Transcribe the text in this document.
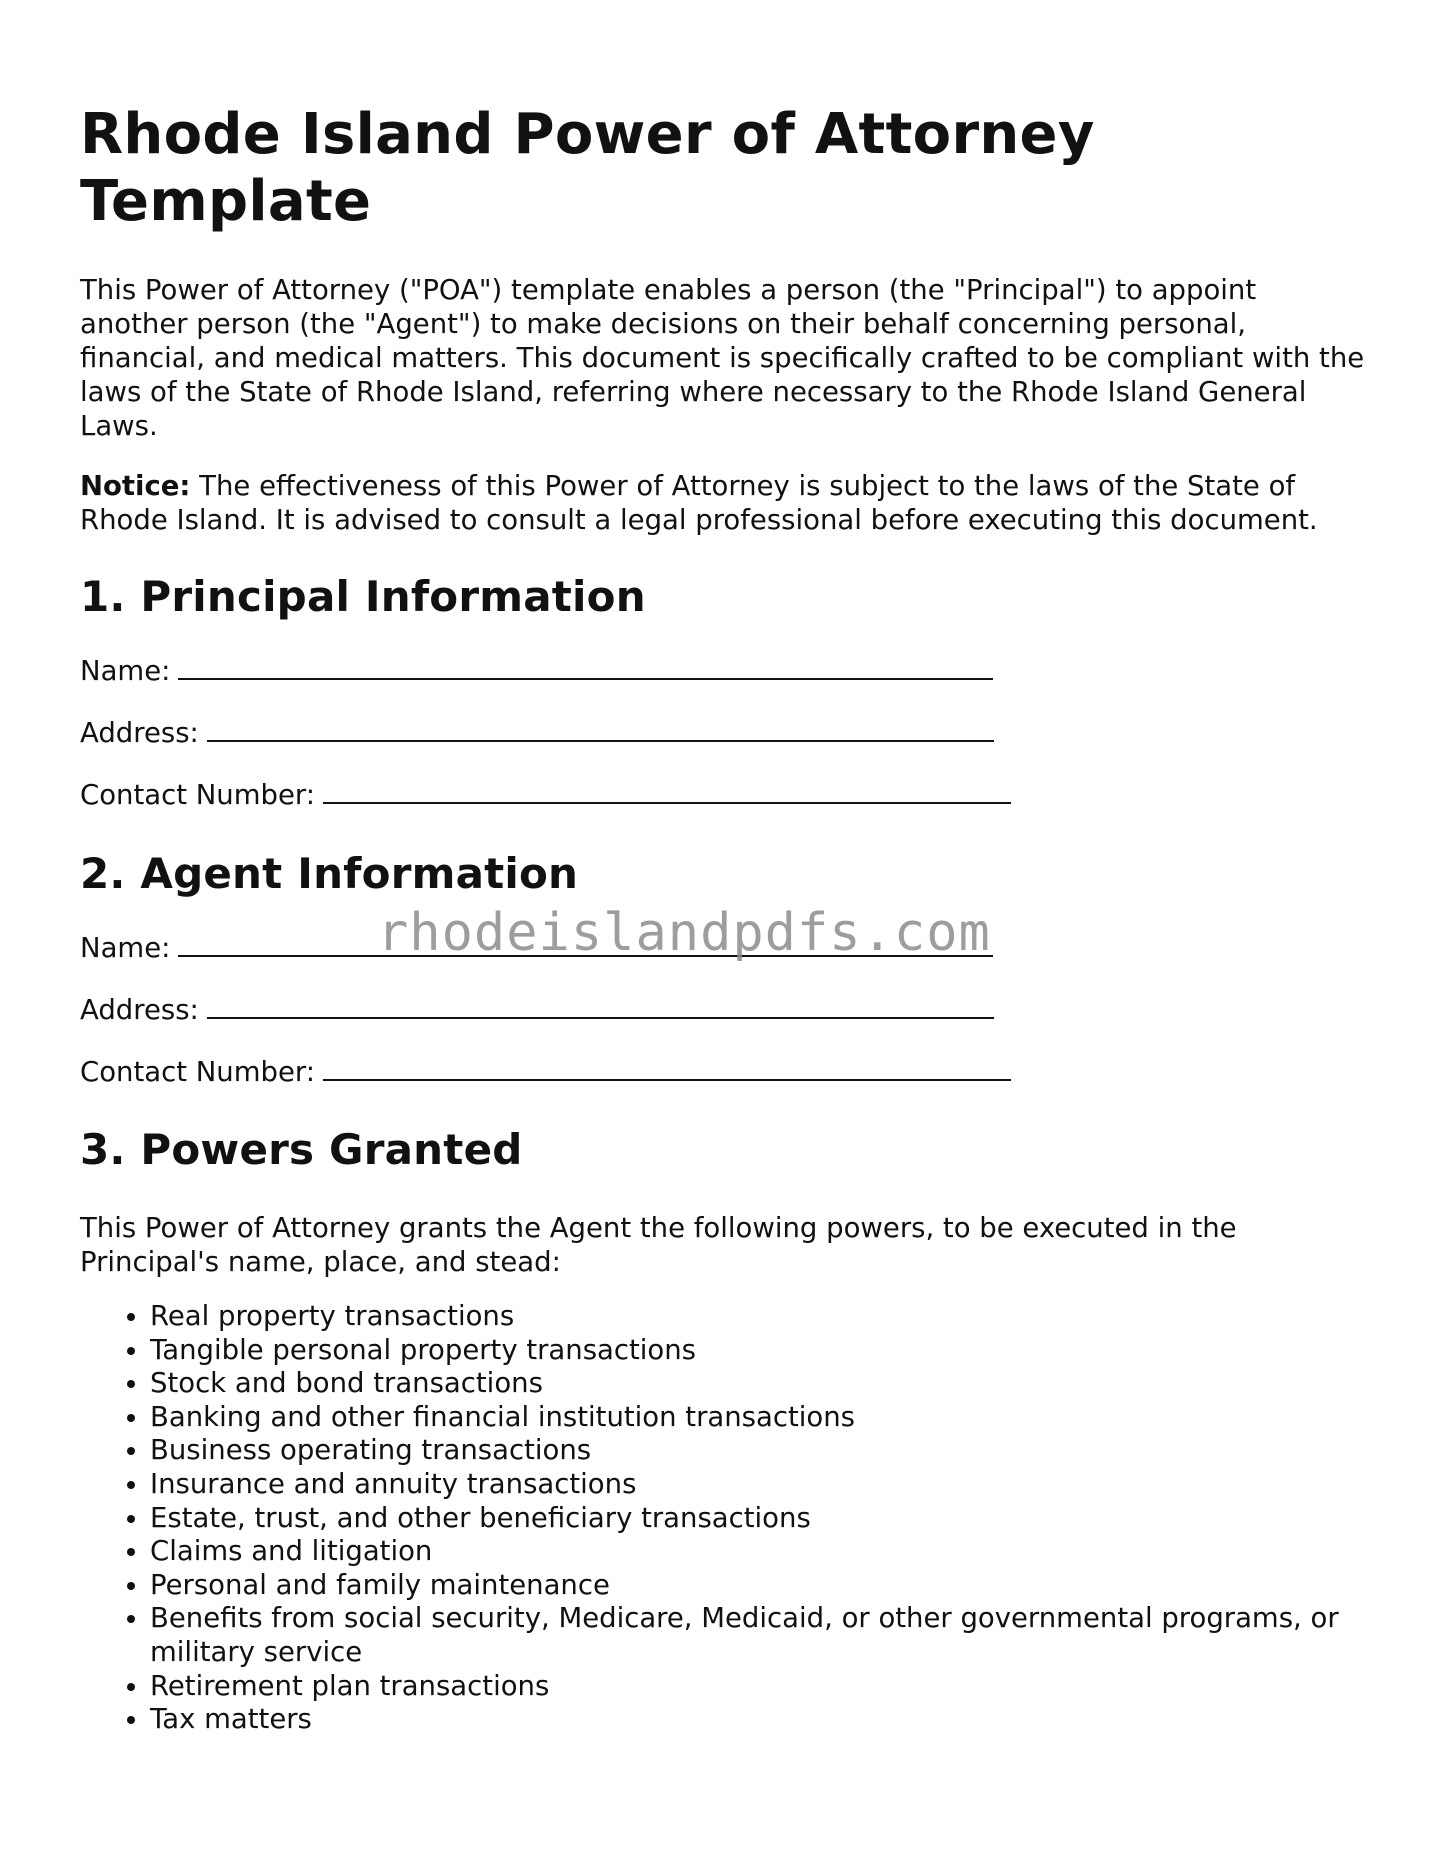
Rhode Island Power of Attorney Template

This Power of Attorney ("POA") template enables a person (the "Principal") to appoint another person (the "Agent") to make decisions on their behalf concerning personal, financial, and medical matters. This document is specifically crafted to be compliant with the laws of the State of Rhode Island, referring where necessary to the Rhode Island General Laws.

Notice: The effectiveness of this Power of Attorney is subject to the laws of the State of Rhode Island. It is advised to consult a legal professional before executing this document.

1. Principal Information
Name:
Address:
Contact Number:
2. Agent Information
Name:
Address:
Contact Number:
3. Powers Granted

This Power of Attorney grants the Agent the following powers, to be executed in the Principal's name, place, and stead:

• Real property transactions
• Tangible personal property transactions
• Stock and bond transactions
• Banking and other financial institution transactions
• Business operating transactions
• Insurance and annuity transactions
• Estate, trust, and other beneficiary transactions
• Claims and litigation
• Personal and family maintenance
• Benefits from social security, Medicare, Medicaid, or other governmental programs, or military service
• Retirement plan transactions
• Tax matters
rhodeislandpdfs.com
